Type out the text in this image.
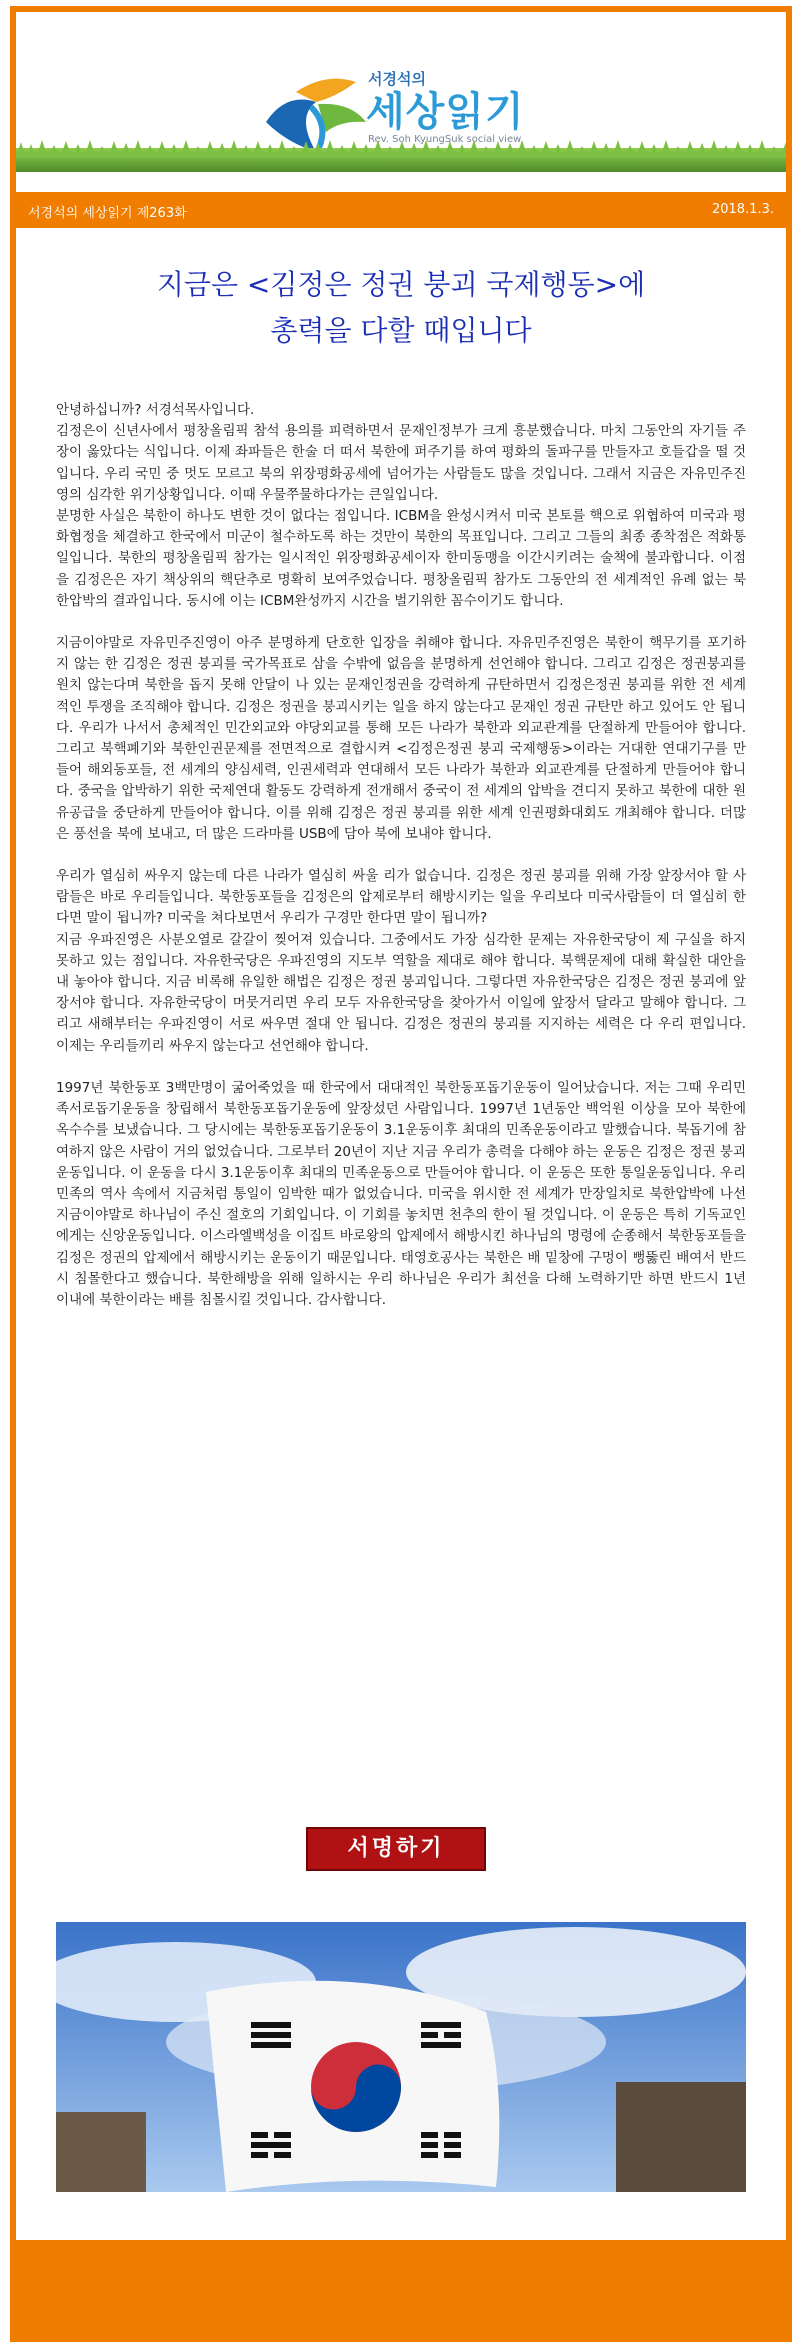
서경석의
세상읽기
Rev. Soh KyungSuk social view
서경석의 세상읽기 제263화	2018.1.3.
지금은 <김정은 정권 붕괴 국제행동>에
총력을 다할 때입니다

안녕하십니까? 서경석목사입니다.

김정은이 신년사에서 평창올림픽 참석 용의를 피력하면서 문재인정부가 크게 흥분했습니다. 마치 그동안의 자기들 주장이 옳았다는 식입니다. 이제 좌파들은 한술 더 떠서 북한에 퍼주기를 하여 평화의 돌파구를 만들자고 호들갑을 떨 것입니다. 우리 국민 중 멋도 모르고 북의 위장평화공세에 넘어가는 사람들도 많을 것입니다. 그래서 지금은 자유민주진영의 심각한 위기상황입니다. 이때 우물쭈물하다가는 큰일입니다.

분명한 사실은 북한이 하나도 변한 것이 없다는 점입니다. ICBM을 완성시켜서 미국 본토를 핵으로 위협하여 미국과 평화협정을 체결하고 한국에서 미군이 철수하도록 하는 것만이 북한의 목표입니다. 그리고 그들의 최종 종착점은 적화통일입니다. 북한의 평창올림픽 참가는 일시적인 위장평화공세이자 한미동맹을 이간시키려는 술책에 불과합니다. 이점을 김정은은 자기 책상위의 핵단추로 명확히 보여주었습니다. 평창올림픽 참가도 그동안의 전 세계적인 유례 없는 북한압박의 결과입니다. 동시에 이는 ICBM완성까지 시간을 벌기위한 꼼수이기도 합니다.

지금이야말로 자유민주진영이 아주 분명하게 단호한 입장을 취해야 합니다. 자유민주진영은 북한이 핵무기를 포기하지 않는 한 김정은 정권 붕괴를 국가목표로 삼을 수밖에 없음을 분명하게 선언해야 합니다. 그리고 김정은 정권붕괴를 원치 않는다며 북한을 돕지 못해 안달이 나 있는 문재인정권을 강력하게 규탄하면서 김정은정권 붕괴를 위한 전 세계적인 투쟁을 조직해야 합니다. 김정은 정권을 붕괴시키는 일을 하지 않는다고 문재인 정권 규탄만 하고 있어도 안 됩니다. 우리가 나서서 총체적인 민간외교와 야당외교를 통해 모든 나라가 북한과 외교관계를 단절하게 만들어야 합니다. 그리고 북핵폐기와 북한인권문제를 전면적으로 결합시켜 <김정은정권 붕괴 국제행동>이라는 거대한 연대기구를 만들어 해외동포들, 전 세계의 양심세력, 인권세력과 연대해서 모든 나라가 북한과 외교관계를 단절하게 만들어야 합니다. 중국을 압박하기 위한 국제연대 활동도 강력하게 전개해서 중국이 전 세계의 압박을 견디지 못하고 북한에 대한 원유공급을 중단하게 만들어야 합니다. 이를 위해 김정은 정권 붕괴를 위한 세계 인권평화대회도 개최해야 합니다. 더많은 풍선을 북에 보내고, 더 많은 드라마를 USB에 담아 북에 보내야 합니다.

우리가 열심히 싸우지 않는데 다른 나라가 열심히 싸울 리가 없습니다. 김정은 정권 붕괴를 위해 가장 앞장서야 할 사람들은 바로 우리들입니다. 북한동포들을 김정은의 압제로부터 해방시키는 일을 우리보다 미국사람들이 더 열심히 한다면 말이 됩니까? 미국을 쳐다보면서 우리가 구경만 한다면 말이 됩니까?
지금 우파진영은 사분오열로 갈갈이 찢어져 있습니다. 그중에서도 가장 심각한 문제는 자유한국당이 제 구실을 하지 못하고 있는 점입니다. 자유한국당은 우파진영의 지도부 역할을 제대로 해야 합니다. 북핵문제에 대해 확실한 대안을 내 놓아야 합니다. 지금 비록해 유일한 해법은 김정은 정권 붕괴입니다. 그렇다면 자유한국당은 김정은 정권 붕괴에 앞장서야 합니다. 자유한국당이 머뭇거리면 우리 모두 자유한국당을 찾아가서 이일에 앞장서 달라고 말해야 합니다. 그리고 새해부터는 우파진영이 서로 싸우면 절대 안 됩니다. 김정은 정권의 붕괴를 지지하는 세력은 다 우리 편입니다. 이제는 우리들끼리 싸우지 않는다고 선언해야 합니다.

1997년 북한동포 3백만명이 굶어죽었을 때 한국에서 대대적인 북한동포돕기운동이 일어났습니다. 저는 그때 우리민족서로돕기운동을 창립해서 북한동포돕기운동에 앞장섰던 사람입니다. 1997년 1년동안 백억원 이상을 모아 북한에 옥수수를 보냈습니다. 그 당시에는 북한동포돕기운동이 3.1운동이후 최대의 민족운동이라고 말했습니다. 북돕기에 참여하지 않은 사람이 거의 없었습니다. 그로부터 20년이 지난 지금 우리가 총력을 다해야 하는 운동은 김정은 정권 붕괴운동입니다. 이 운동을 다시 3.1운동이후 최대의 민족운동으로 만들어야 합니다. 이 운동은 또한 통일운동입니다. 우리민족의 역사 속에서 지금처럼 통일이 임박한 때가 없었습니다. 미국을 위시한 전 세계가 만장일치로 북한압박에 나선 지금이야말로 하나님이 주신 절호의 기회입니다. 이 기회를 놓치면 천추의 한이 될 것입니다. 이 운동은 특히 기독교인에게는 신앙운동입니다. 이스라엘백성을 이집트 바로왕의 압제에서 해방시킨 하나님의 명령에 순종해서 북한동포들을 김정은 정권의 압제에서 해방시키는 운동이기 때문입니다. 태영호공사는 북한은 배 밑창에 구멍이 뻥뚫린 배여서 반드시 침몰한다고 했습니다. 북한해방을 위해 일하시는 우리 하나님은 우리가 최선을 다해 노력하기만 하면 반드시 1년 이내에 북한이라는 배를 침몰시킬 것입니다. 감사합니다.

서명하기
